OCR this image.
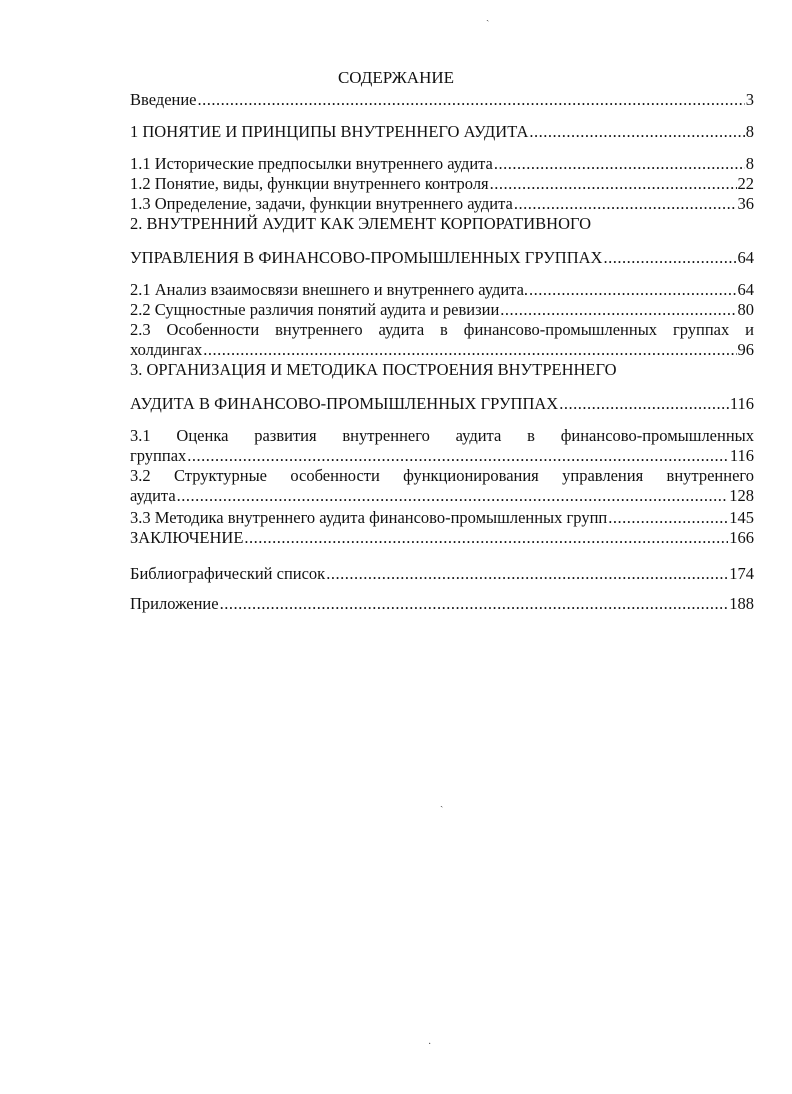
ˎ
СОДЕРЖАНИЕ
Введение .....	3
1 ПОНЯТИЕ И ПРИНЦИПЫ ВНУТРЕННЕГО АУДИТА .....	8
1.1 Исторические предпосылки внутреннего аудита .....	8
1.2 Понятие, виды, функции внутреннего контроля .....	22
1.3 Определение, задачи, функции внутреннего аудита .....	36
2. ВНУТРЕННИЙ АУДИТ КАК ЭЛЕМЕНТ КОРПОРАТИВНОГО
УПРАВЛЕНИЯ В ФИНАНСОВО-ПРОМЫШЛЕННЫХ ГРУППАХ .....	64
2.1 Анализ взаимосвязи внешнего и внутреннего аудита. .....	64
2.2 Сущностные различия понятий аудита и ревизии .....	80
2.3 Особенности внутреннего аудита в финансово-промышленных группах и
холдингах .....	96
3. ОРГАНИЗАЦИЯ И МЕТОДИКА ПОСТРОЕНИЯ ВНУТРЕННЕГО
АУДИТА В ФИНАНСОВО-ПРОМЫШЛЕННЫХ ГРУППАХ .....	116
3.1 Оценка развития внутреннего аудита в финансово-промышленных
группах .....	116
3.2 Структурные особенности функционирования управления внутреннего
аудита .....	128
3.3 Методика внутреннего аудита финансово-промышленных групп .....	145
ЗАКЛЮЧЕНИЕ .....	166
Библиографический список .....	174
Приложение .....	188
ˏ
·
